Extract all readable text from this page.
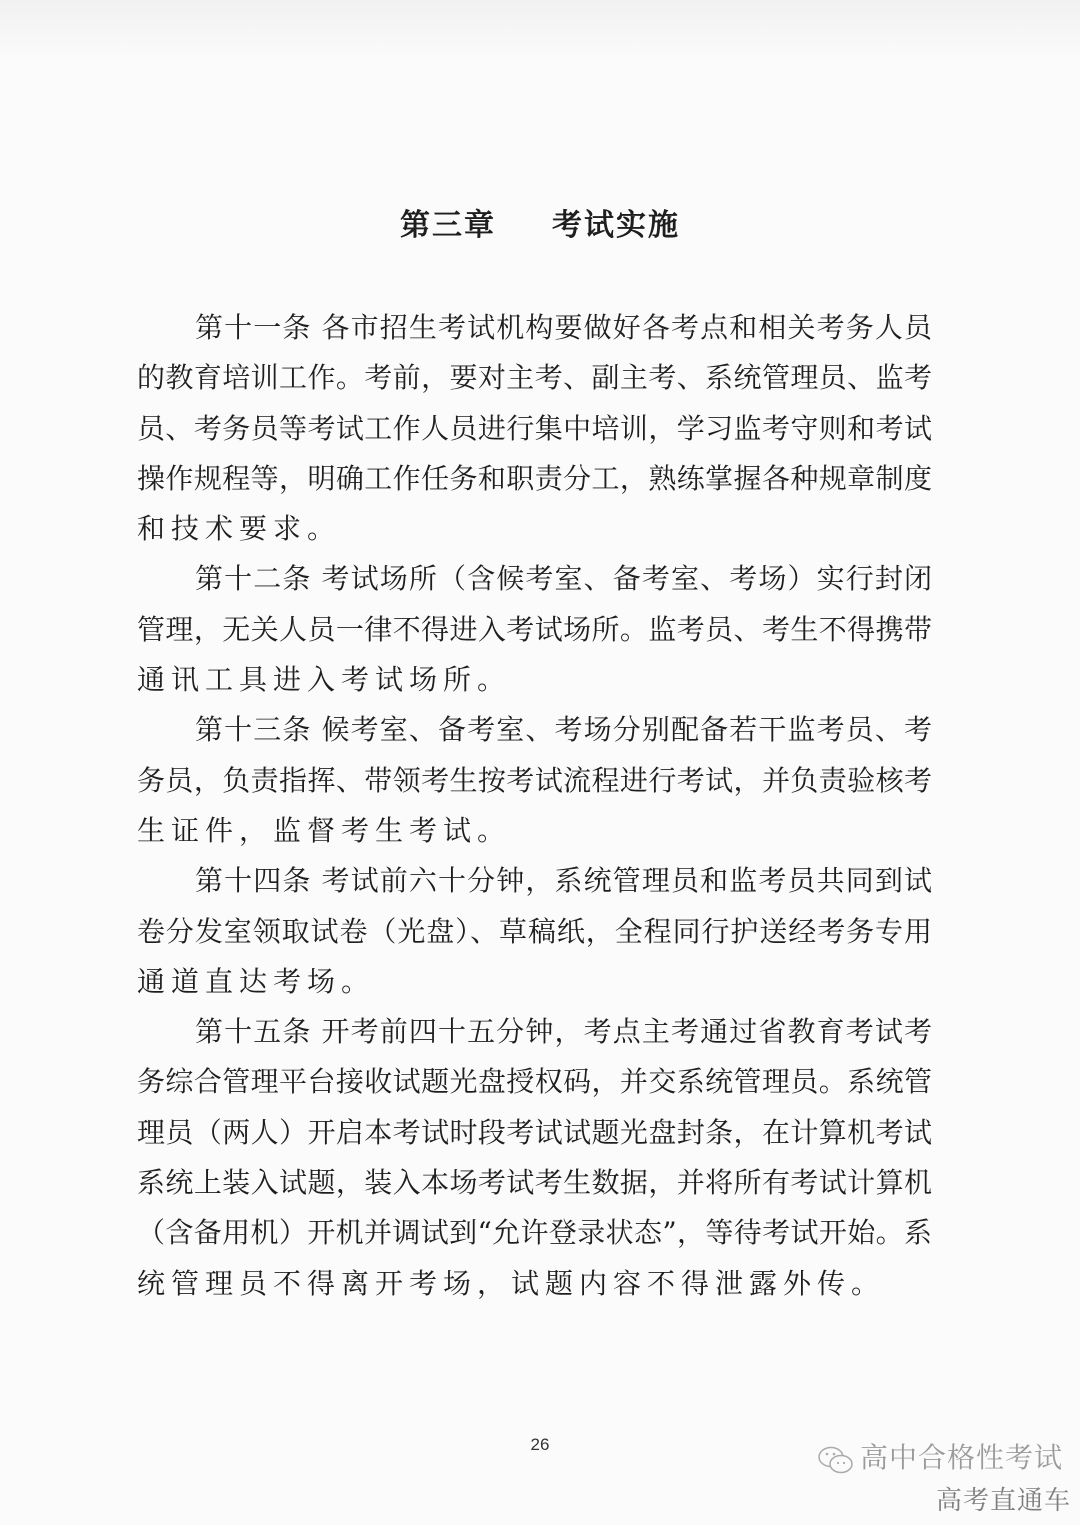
第三章 考试实施
第十一条 各市招生考试机构要做好各考点和相关考务人员
的教育培训工作。考前，要对主考、副主考、系统管理员、监考
员、考务员等考试工作人员进行集中培训，学习监考守则和考试
操作规程等，明确工作任务和职责分工，熟练掌握各种规章制度
和技术要求。
第十二条 考试场所（含候考室、备考室、考场）实行封闭
管理，无关人员一律不得进入考试场所。监考员、考生不得携带
通讯工具进入考试场所。
第十三条 候考室、备考室、考场分别配备若干监考员、考
务员，负责指挥、带领考生按考试流程进行考试，并负责验核考
生证件，监督考生考试。
第十四条 考试前六十分钟，系统管理员和监考员共同到试
卷分发室领取试卷（光盘）、草稿纸，全程同行护送经考务专用
通道直达考场。
第十五条 开考前四十五分钟，考点主考通过省教育考试考
务综合管理平台接收试题光盘授权码，并交系统管理员。系统管
理员（两人）开启本考试时段考试试题光盘封条，在计算机考试
系统上装入试题，装入本场考试考生数据，并将所有考试计算机
（含备用机）开机并调试到“允许登录状态”，等待考试开始。系
统管理员不得离开考场，试题内容不得泄露外传。
26	高中合格性考试
高考直通车
